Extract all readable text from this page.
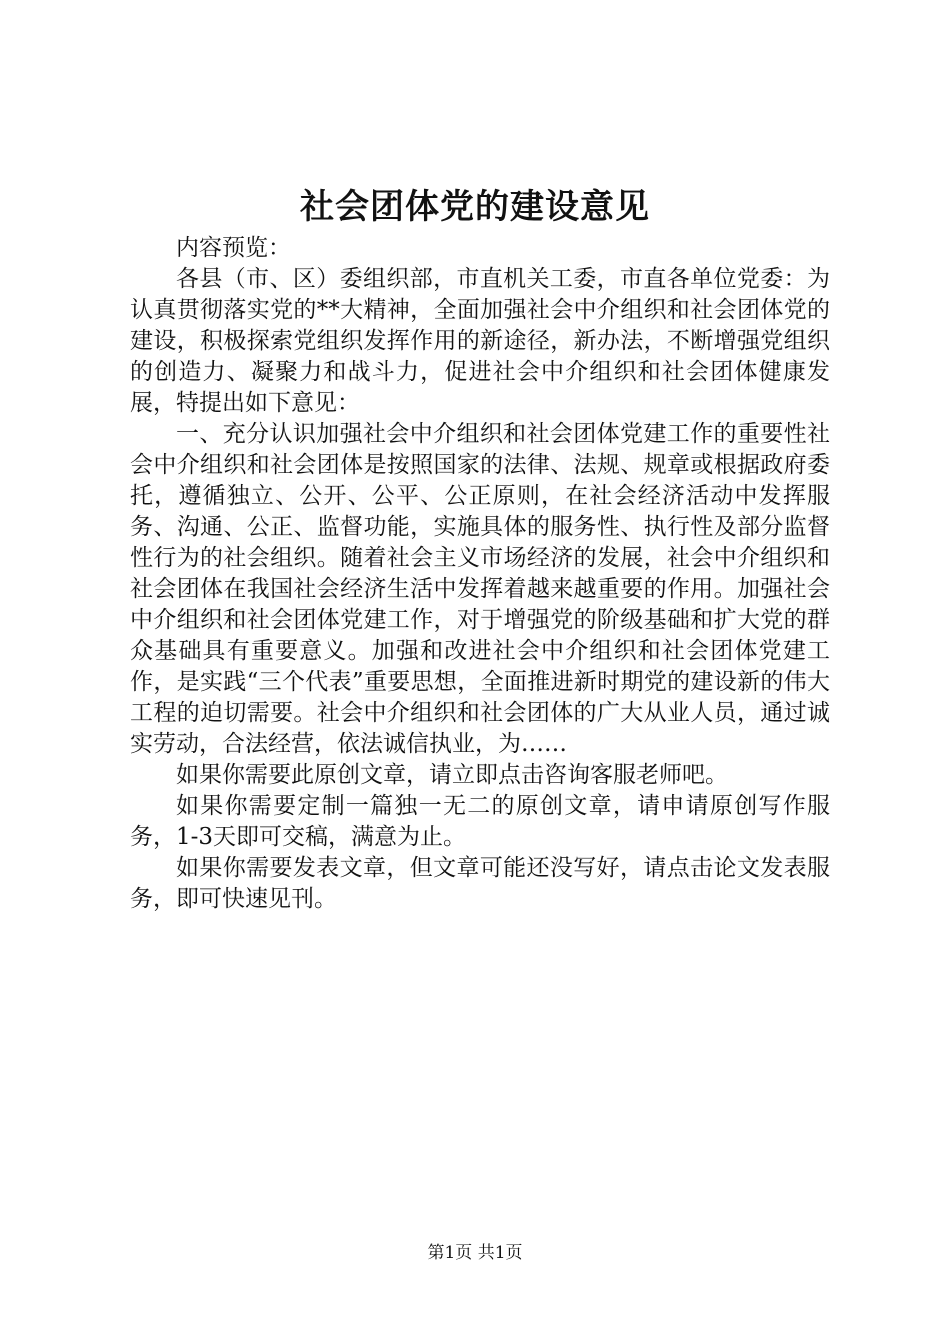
社会团体党的建设意见

内容预览：

各县（市、区）委组织部，市直机关工委，市直各单位党委：为认真贯彻落实党的**大精神，全面加强社会中介组织和社会团体党的建设，积极探索党组织发挥作用的新途径，新办法，不断增强党组织的创造力、凝聚力和战斗力，促进社会中介组织和社会团体健康发展，特提出如下意见：

一、充分认识加强社会中介组织和社会团体党建工作的重要性社会中介组织和社会团体是按照国家的法律、法规、规章或根据政府委托，遵循独立、公开、公平、公正原则，在社会经济活动中发挥服务、沟通、公正、监督功能，实施具体的服务性、执行性及部分监督性行为的社会组织。随着社会主义市场经济的发展，社会中介组织和社会团体在我国社会经济生活中发挥着越来越重要的作用。加强社会中介组织和社会团体党建工作，对于增强党的阶级基础和扩大党的群众基础具有重要意义。加强和改进社会中介组织和社会团体党建工作，是实践“三个代表”重要思想，全面推进新时期党的建设新的伟大工程的迫切需要。社会中介组织和社会团体的广大从业人员，通过诚实劳动，合法经营，依法诚信执业，为……

如果你需要此原创文章，请立即点击咨询客服老师吧。

如果你需要定制一篇独一无二的原创文章，请申请原创写作服务，1-3天即可交稿，满意为止。

如果你需要发表文章，但文章可能还没写好，请点击论文发表服务，即可快速见刊。

第1页 共1页
